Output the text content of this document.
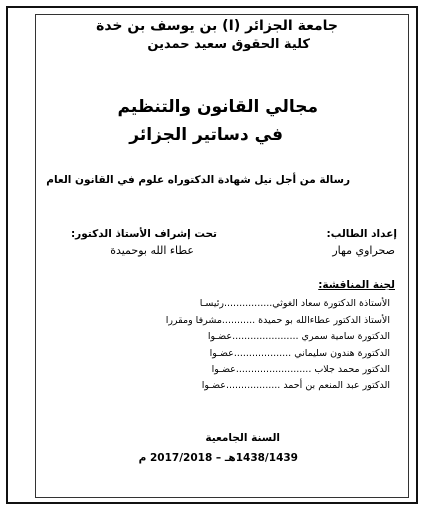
جامعة الجزائر (I) بن يوسف بن خدة
كلية الحقوق سعيد حمدين
مجالي القانون والتنظيم
في دساتير الجزائر
رسالة من أجل نيل شهادة الدكتوراه علوم في القانون العام
إعداد الطالب:
صحراوي مهار
تحت إشراف الأستاذ الدكتور:
عطاء الله بوحميدة
لجنة المناقشة:
الأستاذة الدكتورة سعاد الغوثي................رئيسـا
الأستاذ الدكتور عطاءالله بو حميدة ...........مشرفا ومقررا
الدكتورة سامية سمري ......................عضـوا
الدكتورة هندون سليماني ...................عضـوا
الدكتور محمد جلاب .........................عضـوا
الدكتور عبد المنعم بن أحمد ..................عضـوا
السنة الجامعية
1438/1439هـ – 2017/2018 م
